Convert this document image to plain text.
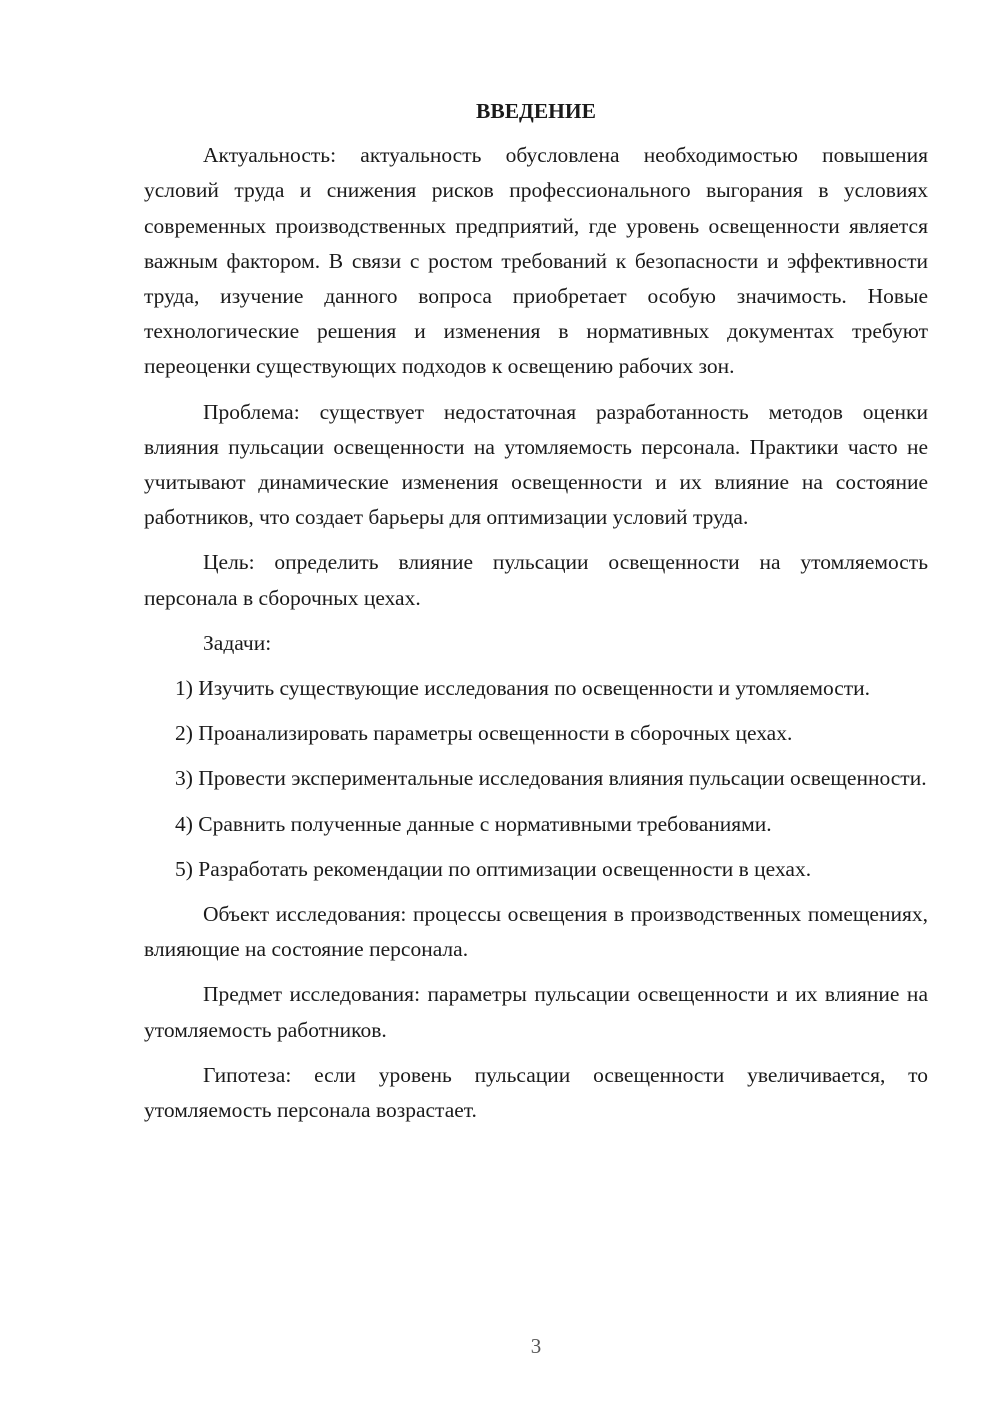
ВВЕДЕНИЕ

Актуальность: актуальность обусловлена необходимостью повышения условий труда и снижения рисков профессионального выгорания в условиях современных производственных предприятий, где уровень освещенности является важным фактором. В связи с ростом требований к безопасности и эффективности труда, изучение данного вопроса приобретает особую значимость. Новые технологические решения и изменения в нормативных документах требуют переоценки существующих подходов к освещению рабочих зон.

Проблема: существует недостаточная разработанность методов оценки влияния пульсации освещенности на утомляемость персонала. Практики часто не учитывают динамические изменения освещенности и их влияние на состояние работников, что создает барьеры для оптимизации условий труда.

Цель: определить влияние пульсации освещенности на утомляемость персонала в сборочных цехах.

Задачи:

1) Изучить существующие исследования по освещенности и утомляемости.

2) Проанализировать параметры освещенности в сборочных цехах.

3) Провести экспериментальные исследования влияния пульсации освещенности.

4) Сравнить полученные данные с нормативными требованиями.

5) Разработать рекомендации по оптимизации освещенности в цехах.

Объект исследования: процессы освещения в производственных помещениях, влияющие на состояние персонала.

Предмет исследования: параметры пульсации освещенности и их влияние на утомляемость работников.

Гипотеза: если уровень пульсации освещенности увеличивается, то утомляемость персонала возрастает.

3
